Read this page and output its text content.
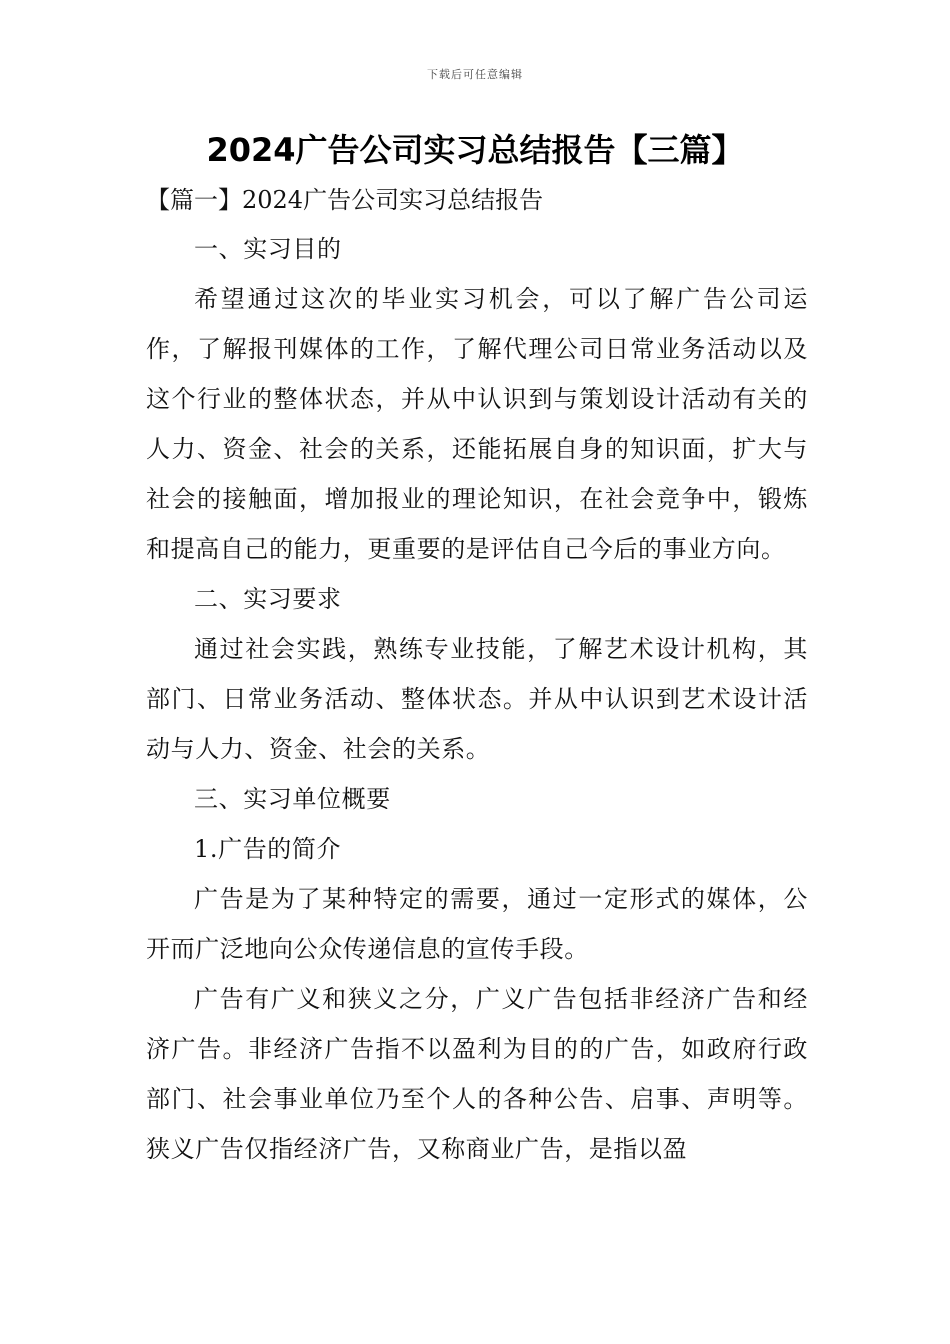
下载后可任意编辑
2024广告公司实习总结报告【三篇】

【篇一】2024广告公司实习总结报告

一、实习目的

希望通过这次的毕业实习机会，可以了解广告公司运作，了解报刊媒体的工作，了解代理公司日常业务活动以及这个行业的整体状态，并从中认识到与策划设计活动有关的人力、资金、社会的关系，还能拓展自身的知识面，扩大与社会的接触面，增加报业的理论知识，在社会竞争中，锻炼和提高自己的能力，更重要的是评估自己今后的事业方向。

二、实习要求

通过社会实践，熟练专业技能，了解艺术设计机构，其部门、日常业务活动、整体状态。并从中认识到艺术设计活动与人力、资金、社会的关系。

三、实习单位概要

1.广告的简介

广告是为了某种特定的需要，通过一定形式的媒体，公开而广泛地向公众传递信息的宣传手段。

广告有广义和狭义之分，广义广告包括非经济广告和经济广告。非经济广告指不以盈利为目的的广告，如政府行政部门、社会事业单位乃至个人的各种公告、启事、声明等。狭义广告仅指经济广告，又称商业广告，是指以盈
